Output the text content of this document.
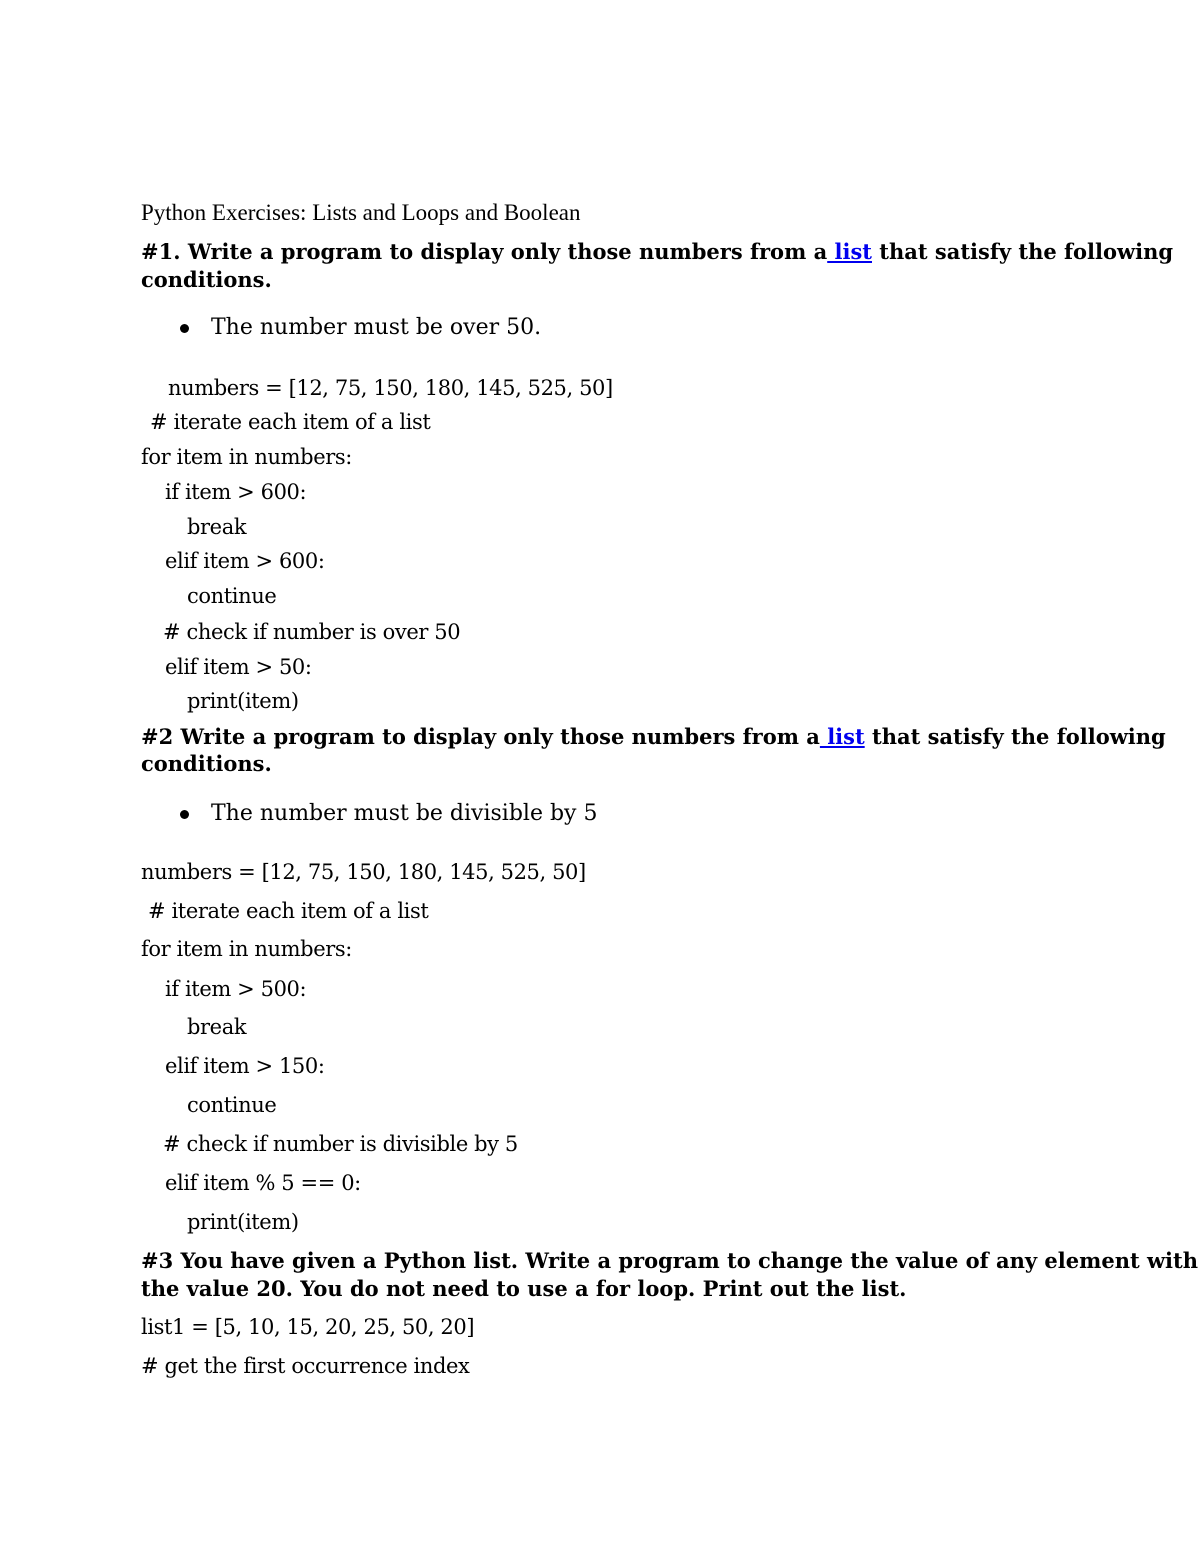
Python Exercises: Lists and Loops and Boolean
#1. Write a program to display only those numbers from a list that satisfy the following
conditions.
The number must be over 50.
numbers = [12, 75, 150, 180, 145, 525, 50]
# iterate each item of a list
for item in numbers:
if item > 600:
break
elif item > 600:
continue
# check if number is over 50
elif item > 50:
print(item)
#2 Write a program to display only those numbers from a list that satisfy the following
conditions.
The number must be divisible by 5
numbers = [12, 75, 150, 180, 145, 525, 50]
# iterate each item of a list
for item in numbers:
if item > 500:
break
elif item > 150:
continue
# check if number is divisible by 5
elif item % 5 == 0:
print(item)
#3 You have given a Python list. Write a program to change the value of any element with
the value 20. You do not need to use a for loop. Print out the list.
list1 = [5, 10, 15, 20, 25, 50, 20]
# get the first occurrence index
